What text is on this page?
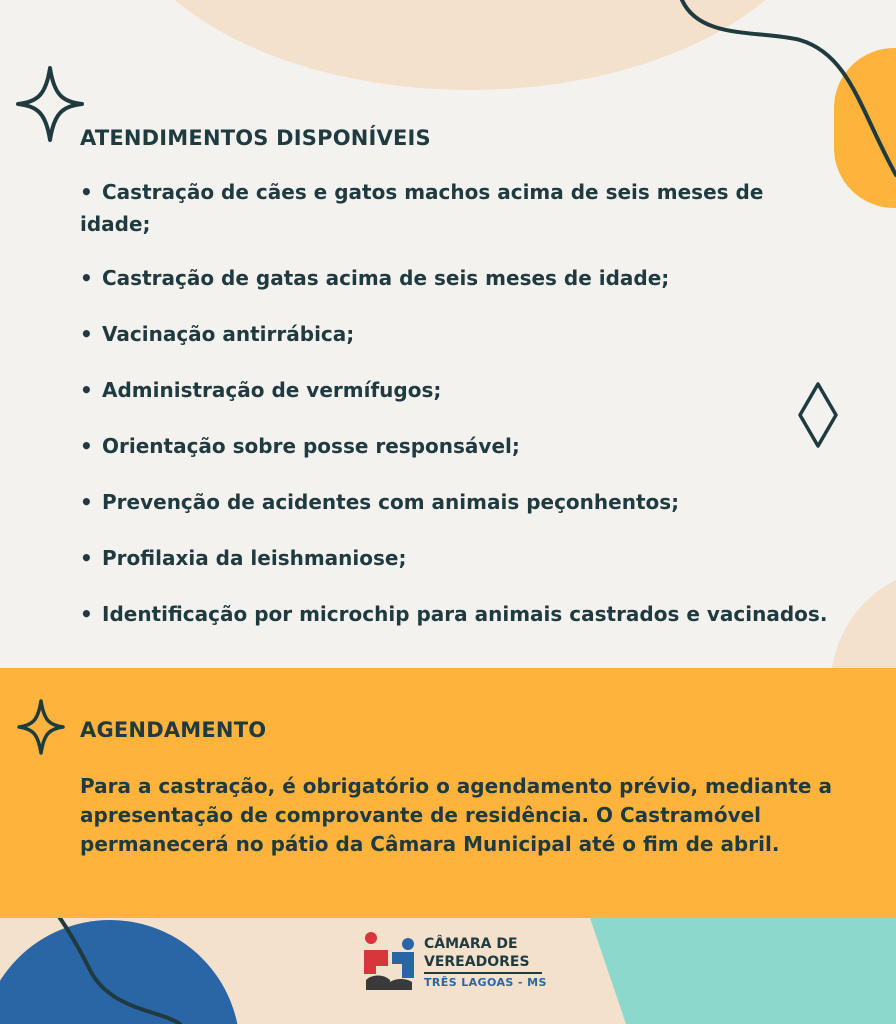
ATENDIMENTOS DISPONÍVEIS
• Castração de cães e gatos machos acima de seis meses de
idade;
• Castração de gatas acima de seis meses de idade;
• Vacinação antirrábica;
• Administração de vermífugos;
• Orientação sobre posse responsável;
• Prevenção de acidentes com animais peçonhentos;
• Profilaxia da leishmaniose;
• Identificação por microchip para animais castrados e vacinados.
AGENDAMENTO

Para a castração, é obrigatório o agendamento prévio, mediante a
apresentação de comprovante de residência. O Castramóvel
permanecerá no pátio da Câmara Municipal até o fim de abril.

CÂMARA DE
VEREADORES
TRÊS LAGOAS - MS
